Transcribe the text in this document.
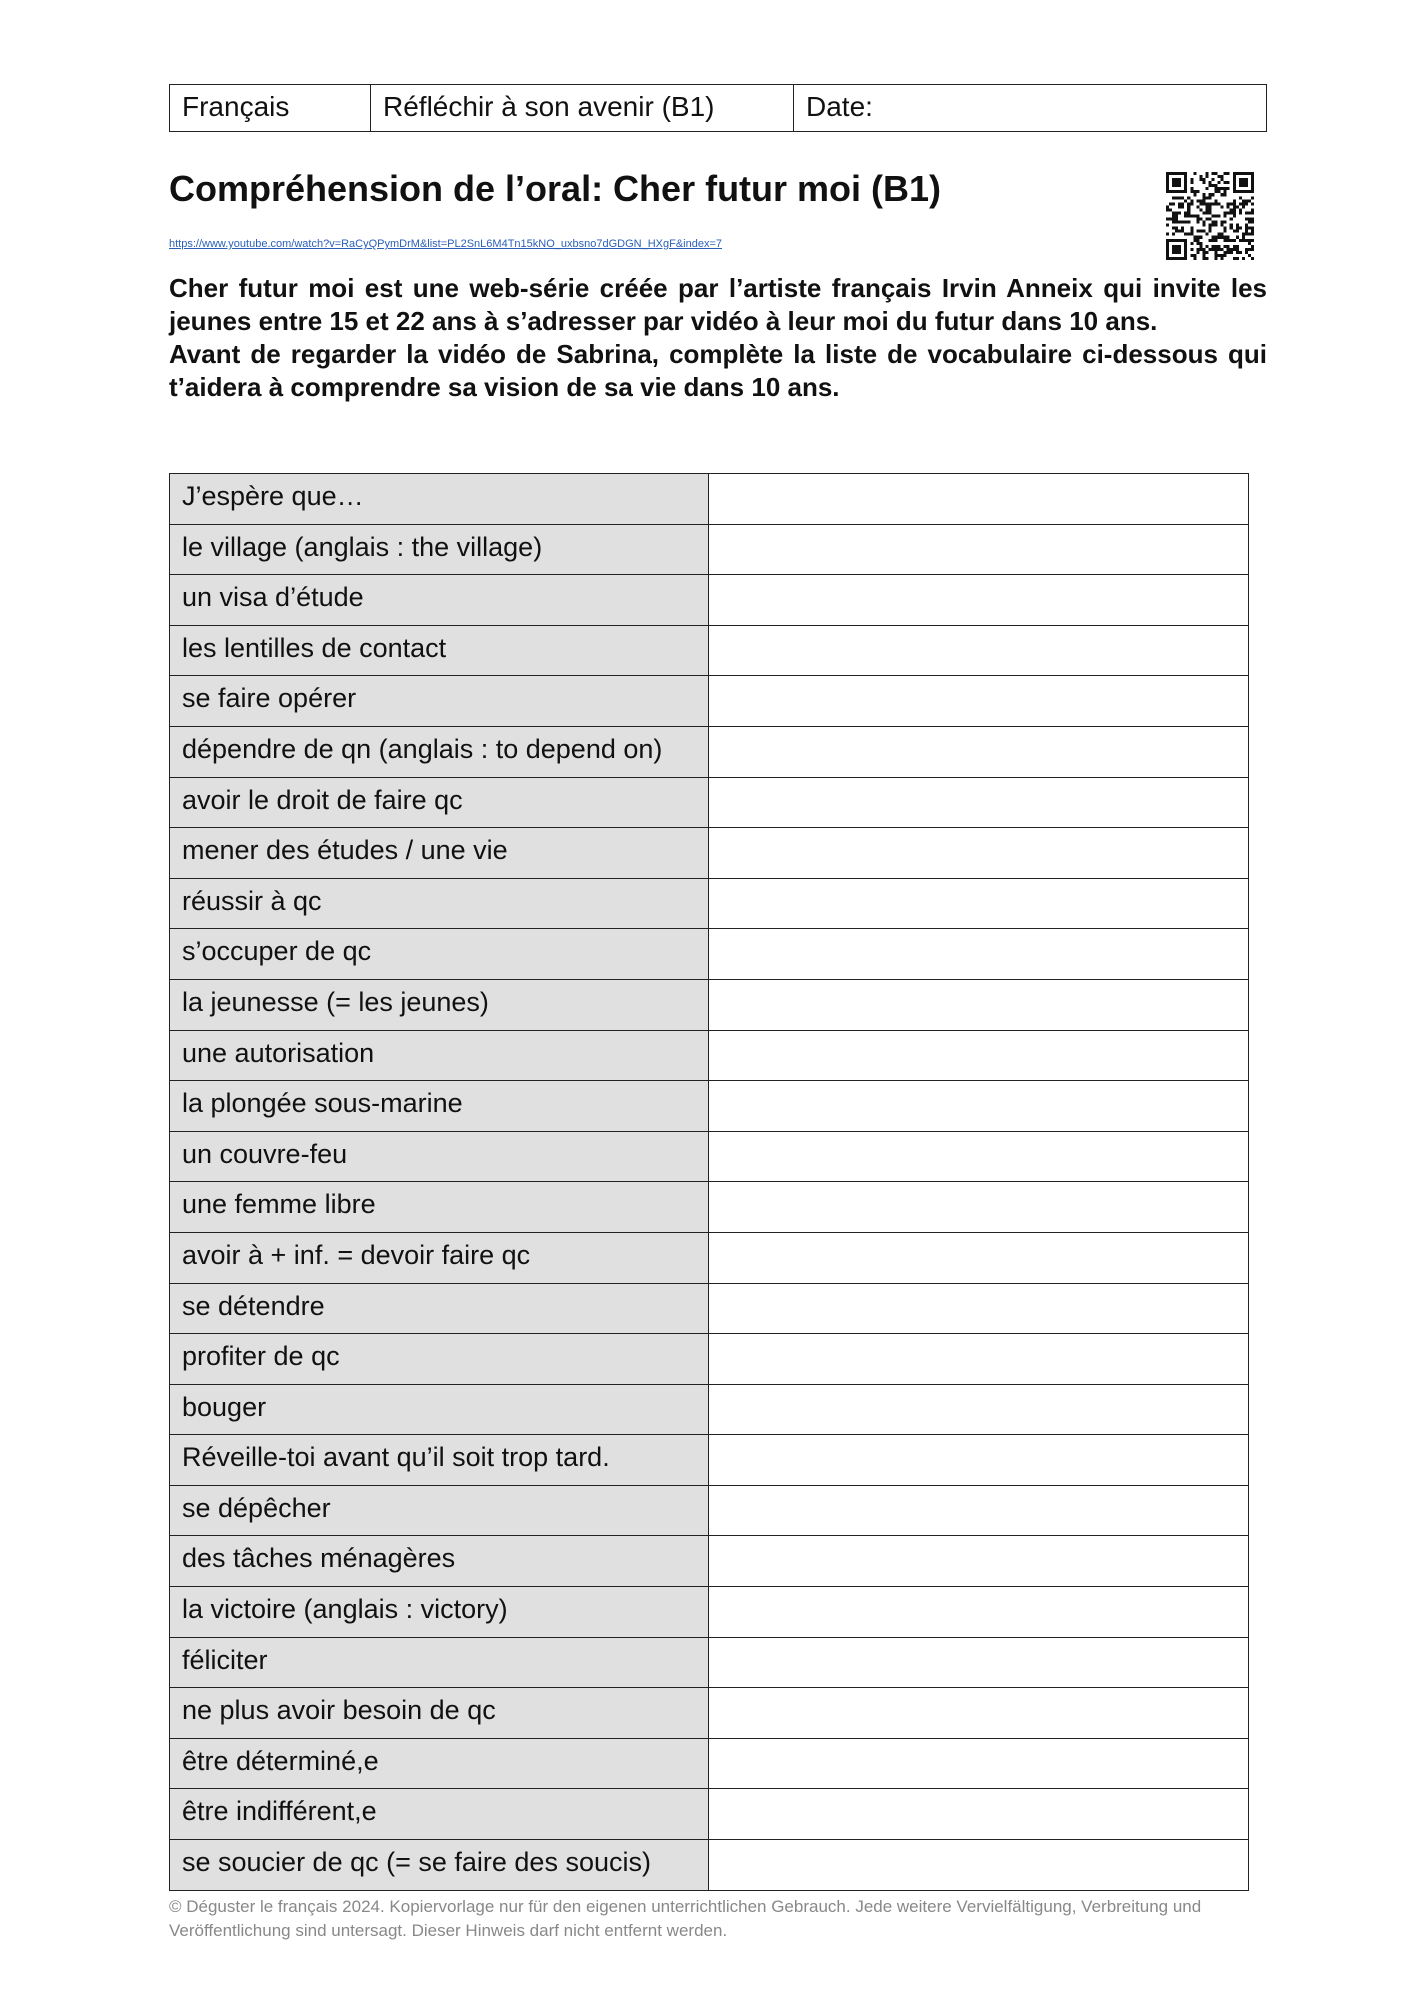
Français	Réfléchir à son avenir (B1)	Date:
Compréhension de l’oral: Cher futur moi (B1)
https://www.youtube.com/watch?v=RaCyQPymDrM&list=PL2SnL6M4Tn15kNO_uxbsno7dGDGN_HXgF&index=7

Cher futur moi est une web-série créée par l’artiste français Irvin Anneix qui invite les jeunes entre 15 et 22 ans à s’adresser par vidéo à leur moi du futur dans 10 ans.

Avant de regarder la vidéo de Sabrina, complète la liste de vocabulaire ci-dessous qui t’aidera à comprendre sa vision de sa vie dans 10 ans.

J’espère que…	
le village (anglais : the village)	
un visa d’étude	
les lentilles de contact	
se faire opérer	
dépendre de qn (anglais : to depend on)	
avoir le droit de faire qc	
mener des études / une vie	
réussir à qc	
s’occuper de qc	
la jeunesse (= les jeunes)	
une autorisation	
la plongée sous-marine	
un couvre-feu	
une femme libre	
avoir à + inf. = devoir faire qc	
se détendre	
profiter de qc	
bouger	
Réveille-toi avant qu’il soit trop tard.	
se dépêcher	
des tâches ménagères	
la victoire (anglais : victory)	
féliciter	
ne plus avoir besoin de qc	
être déterminé,e	
être indifférent,e	
se soucier de qc (= se faire des soucis)	

© Déguster le français 2024. Kopiervorlage nur für den eigenen unterrichtlichen Gebrauch. Jede weitere Vervielfältigung, Verbreitung und Veröffentlichung sind untersagt. Dieser Hinweis darf nicht entfernt werden.
